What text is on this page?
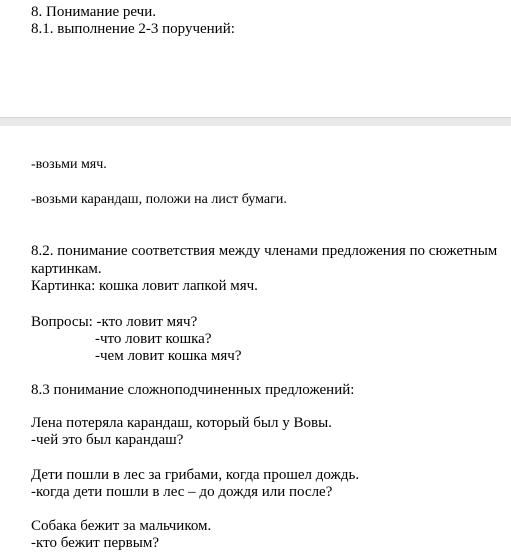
8. Понимание речи.
8.1. выполнение 2-3 поручений:
-возьми мяч.
-возьми карандаш, положи на лист бумаги.
8.2. понимание соответствия между членами предложения по сюжетным
картинкам.
Картинка: кошка ловит лапкой мяч.
Вопросы: -кто ловит мяч?
-что ловит кошка?
-чем ловит кошка мяч?
8.3 понимание сложноподчиненных предложений:
Лена потеряла карандаш, который был у Вовы.
-чей это был карандаш?
Дети пошли в лес за грибами, когда прошел дождь.
-когда дети пошли в лес – до дождя или после?
Собака бежит за мальчиком.
-кто бежит первым?
